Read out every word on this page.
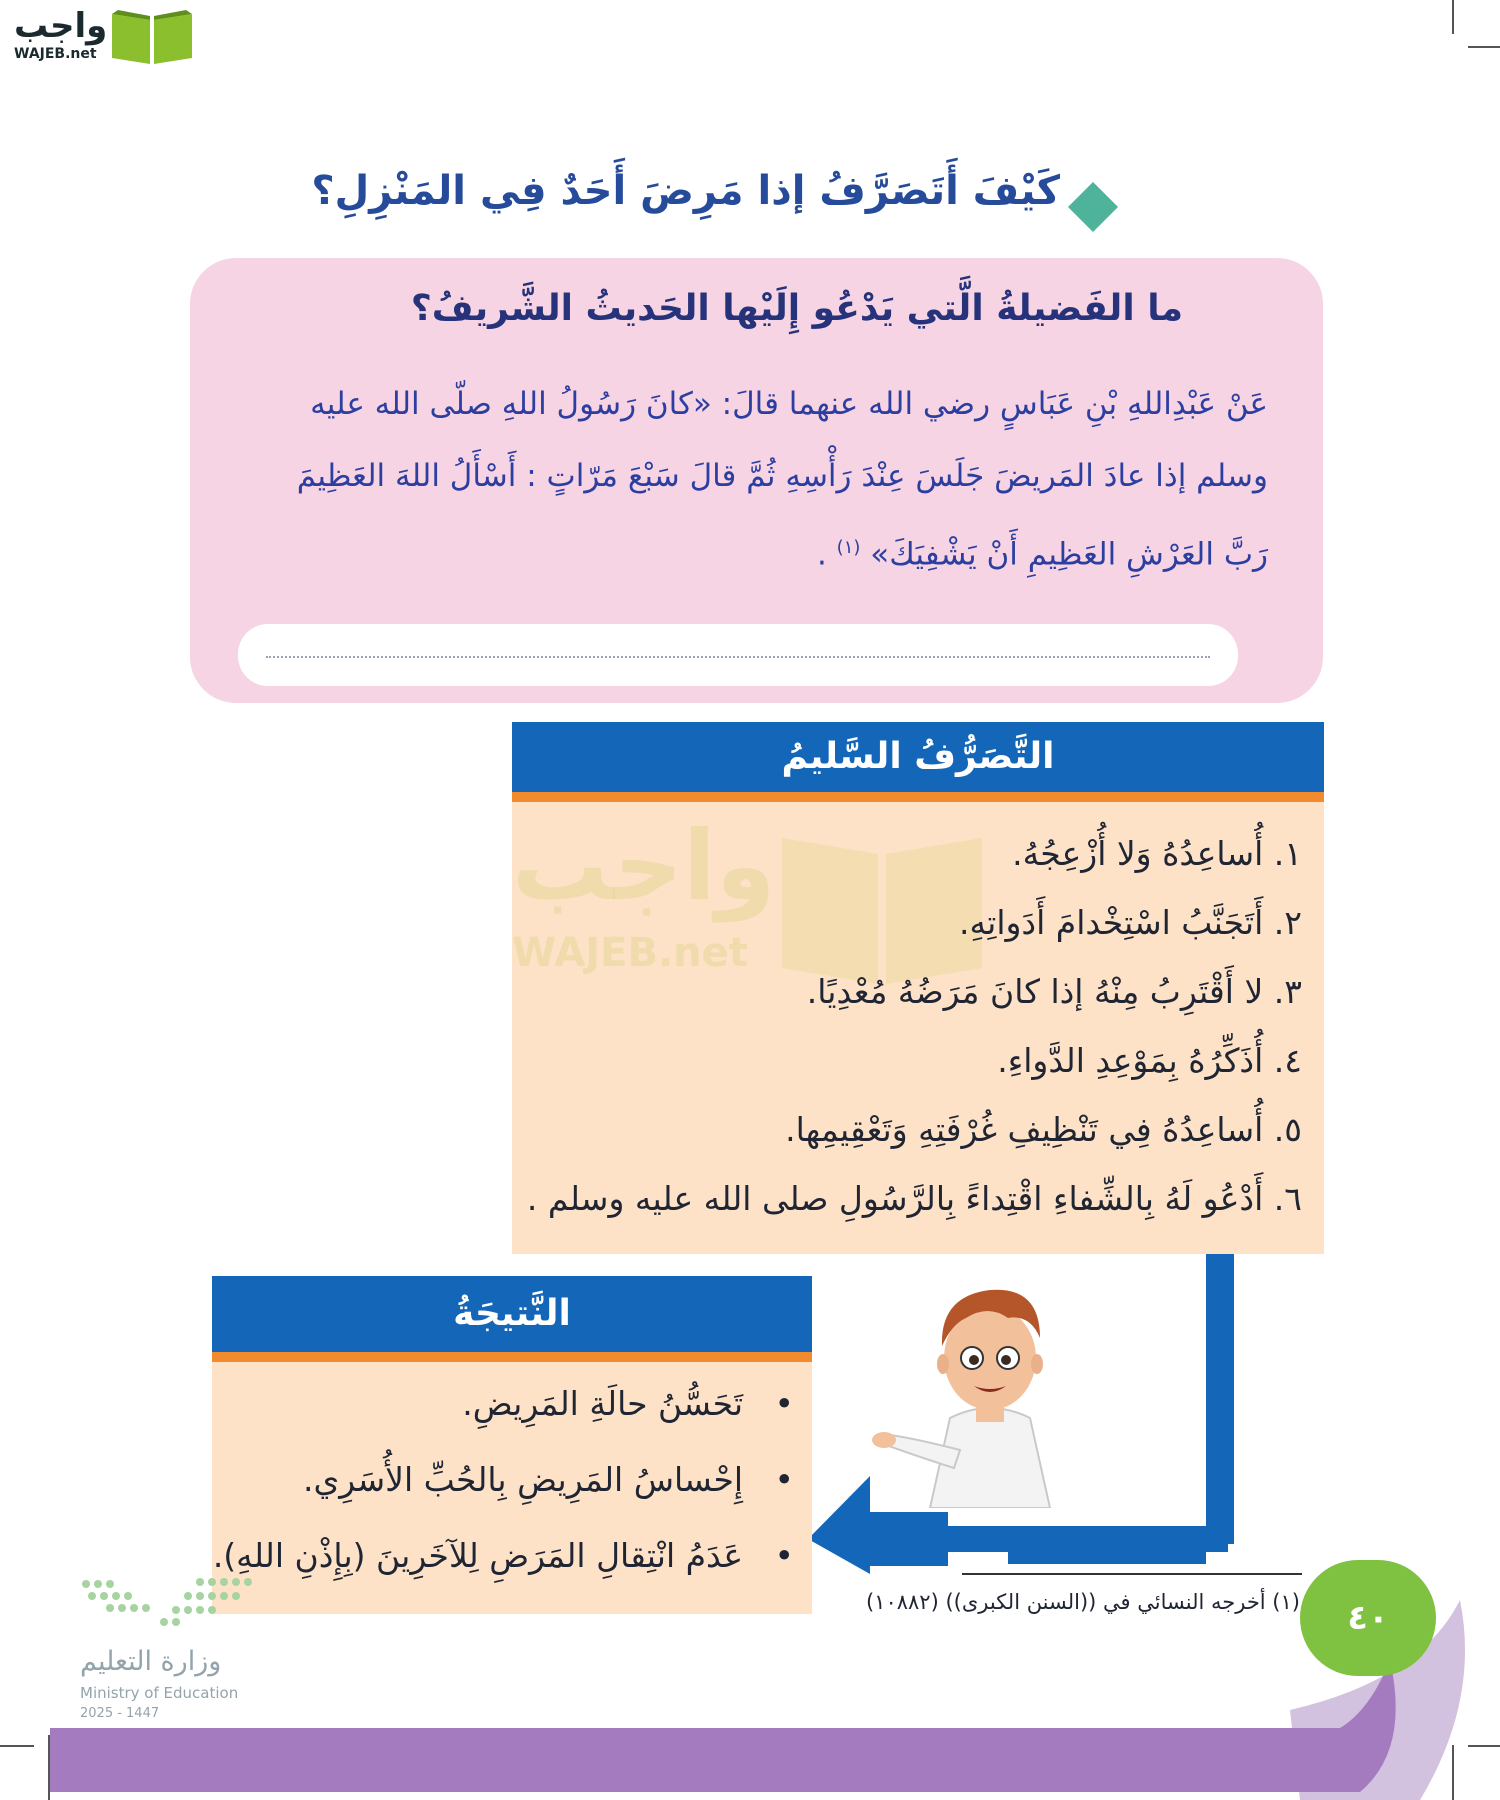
واجب
WAJEB.net
كَيْفَ أَتَصَرَّفُ إذا مَرِضَ أَحَدٌ فِي المَنْزِلِ؟
ما الفَضيلةُ الَّتي يَدْعُو إِلَيْها الحَديثُ الشَّريفُ؟
عَنْ عَبْدِاللهِ بْنِ عَبَاسٍ رضي الله عنهما قالَ: «كانَ رَسُولُ اللهِ صلّى الله عليه
وسلم إذا عادَ المَريضَ جَلَسَ عِنْدَ رَأْسِهِ ثُمَّ قالَ سَبْعَ مَرّاتٍ : أَسْأَلُ اللهَ العَظِيمَ
رَبَّ العَرْشِ العَظِيمِ أَنْ يَشْفِيَكَ» $^{(١)}$ .
التَّصَرُّفُ السَّليمُ
واجب
WAJEB.net
١. أُساعِدُهُ وَلا أُزْعِجُهُ.
٢. أَتَجَنَّبُ اسْتِخْدامَ أَدَواتِهِ.
٣. لا أَقْتَرِبُ مِنْهُ إذا كانَ مَرَضُهُ مُعْدِيًا.
٤. أُذَكِّرُهُ بِمَوْعِدِ الدَّواءِ.
٥. أُساعِدُهُ فِي تَنْظِيفِ غُرْفَتِهِ وَتَعْقِيمِها.
٦. أَدْعُو لَهُ بِالشِّفاءِ اقْتِداءً بِالرَّسُولِ صلى الله عليه وسلم .
النَّتيجَةُ
•   تَحَسُّنُ حالَةِ المَرِيضِ.
•   إِحْساسُ المَرِيضِ بِالحُبِّ الأُسَرِي.
•   عَدَمُ انْتِقالِ المَرَضِ لِلآخَرِينَ (بِإِذْنِ اللهِ).
(١) أخرجه النسائي في ((السنن الكبرى)) (١٠٨٨٢)
وزارة التعليم
Ministry of Education
2025 - 1447
٤٠
